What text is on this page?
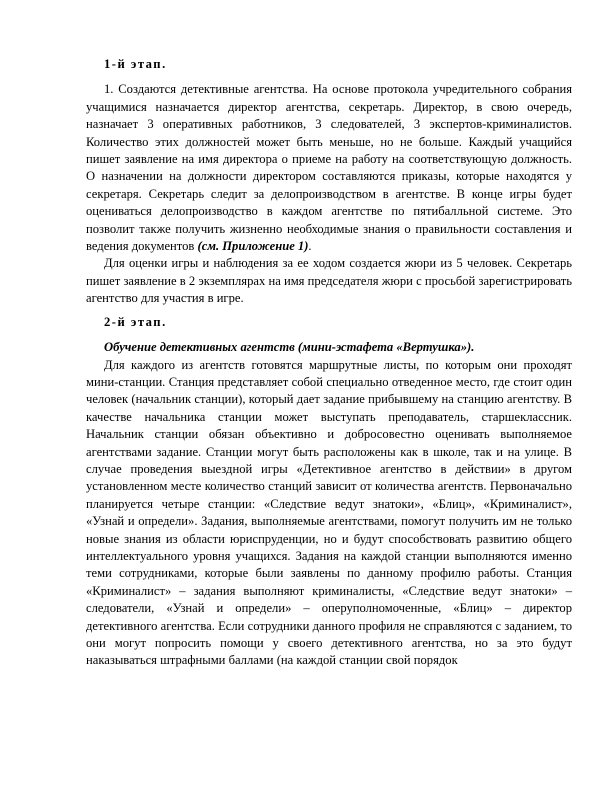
1-й этап.

1. Создаются детективные агентства. На основе протокола учредительного собрания учащимися назначается директор агентства, секретарь. Директор, в свою очередь, назначает 3 оперативных работников, 3 следователей, 3 экспертов-криминалистов. Количество этих должностей может быть меньше, но не больше. Каждый учащийся пишет заявление на имя директора о приеме на работу на соответствующую должность. О назначении на должности директором составляются приказы, которые находятся у секретаря. Секретарь следит за делопроизводством в агентстве. В конце игры будет оцениваться делопроизводство в каждом агентстве по пятибалльной системе. Это позволит также получить жизненно необходимые знания о правильности составления и ведения документов (см. Приложение 1).

Для оценки игры и наблюдения за ее ходом создается жюри из 5 человек. Секретарь пишет заявление в 2 экземплярах на имя председателя жюри с просьбой зарегистрировать агентство для участия в игре.

2-й этап.

Обучение детективных агентств (мини-эстафета «Вертушка»).

Для каждого из агентств готовятся маршрутные листы, по которым они проходят мини-станции. Станция представляет собой специально отведенное место, где стоит один человек (начальник станции), который дает задание прибывшему на станцию агентству. В качестве начальника станции может выступать преподаватель, старшеклассник. Начальник станции обязан объективно и добросовестно оценивать выполняемое агентствами задание. Станции могут быть расположены как в школе, так и на улице. В случае проведения выездной игры «Детективное агентство в действии» в другом установленном месте количество станций зависит от количества агентств. Первоначально планируется четыре станции: «Следствие ведут знатоки», «Блиц», «Криминалист», «Узнай и определи». Задания, выполняемые агентствами, помогут получить им не только новые знания из области юриспруденции, но и будут способствовать развитию общего интеллектуального уровня учащихся. Задания на каждой станции выполняются именно теми сотрудниками, которые были заявлены по данному профилю работы. Станция «Криминалист» – задания выполняют криминалисты, «Следствие ведут знатоки» – следователи, «Узнай и определи» – оперуполномоченные, «Блиц» – директор детективного агентства. Если сотрудники данного профиля не справляются с заданием, то они могут попросить помощи у своего детективного агентства, но за это будут наказываться штрафными баллами (на каждой станции свой порядок
